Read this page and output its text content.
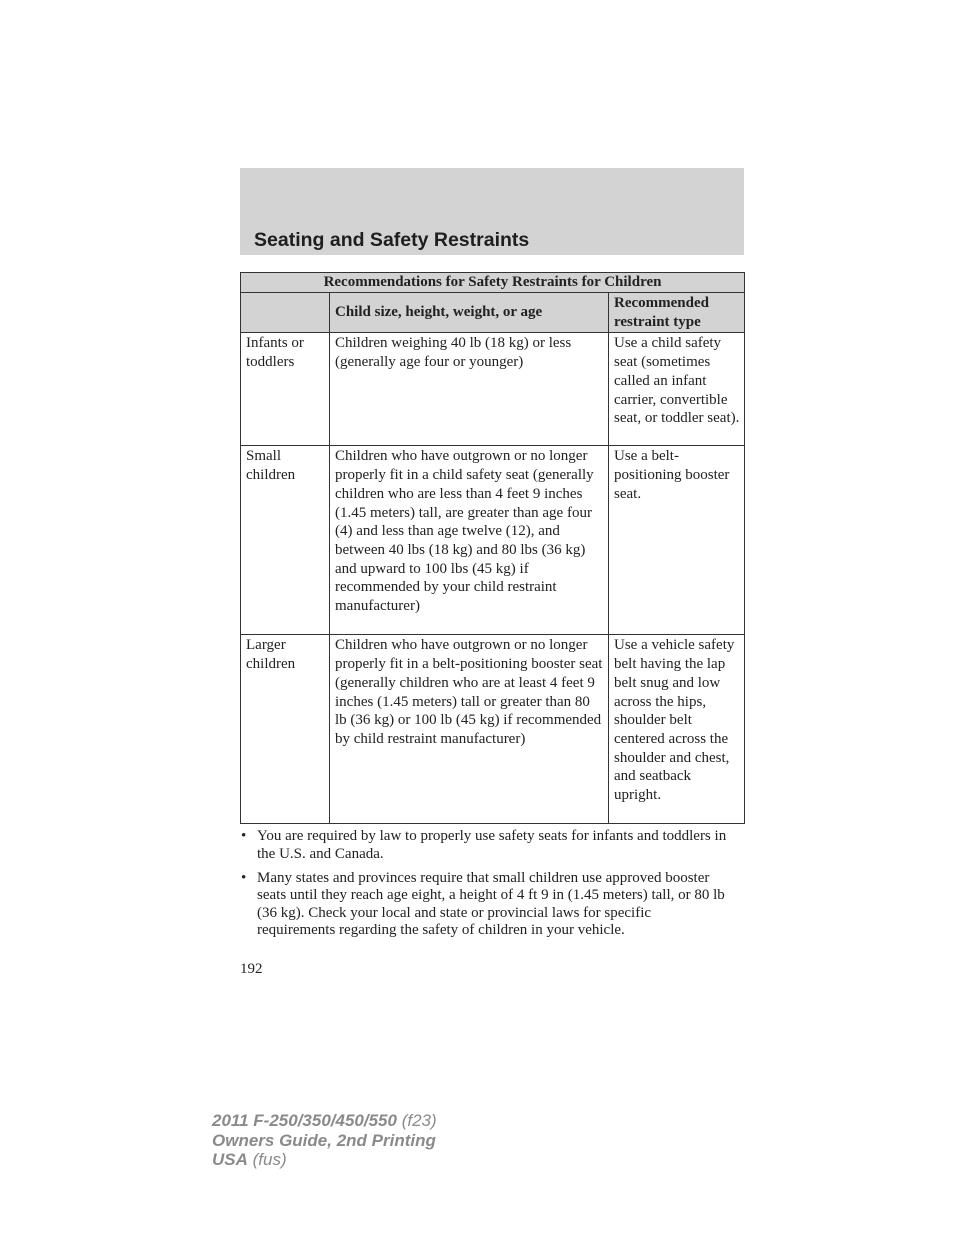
Seating and Safety Restraints
Recommendations for Safety Restraints for Children		
	Child size, height, weight, or age	Recommended restraint type
Infants or toddlers	Children weighing 40 lb (18 kg) or less (generally age four or younger)	Use a child safety seat (sometimes called an infant carrier, convertible seat, or toddler seat).
Small children	Children who have outgrown or no longer properly fit in a child safety seat (generally children who are less than 4 feet 9 inches (1.45 meters) tall, are greater than age four (4) and less than age twelve (12), and between 40 lbs (18 kg) and 80 lbs (36 kg) and upward to 100 lbs (45 kg) if recommended by your child restraint manufacturer)	Use a belt-positioning booster seat.
Larger children	Children who have outgrown or no longer properly fit in a belt-positioning booster seat (generally children who are at least 4 feet 9 inches (1.45 meters) tall or greater than 80 lb (36 kg) or 100 lb (45 kg) if recommended by child restraint manufacturer)	Use a vehicle safety belt having the lap belt snug and low across the hips, shoulder belt centered across the shoulder and chest, and seatback upright.
• You are required by law to properly use safety seats for infants and toddlers in the U.S. and Canada.
• Many states and provinces require that small children use approved booster seats until they reach age eight, a height of 4 ft 9 in (1.45 meters) tall, or 80 lb (36 kg). Check your local and state or provincial laws for specific requirements regarding the safety of children in your vehicle.
192
2011 F-250/350/450/550 (f23)
Owners Guide, 2nd Printing
USA (fus)
